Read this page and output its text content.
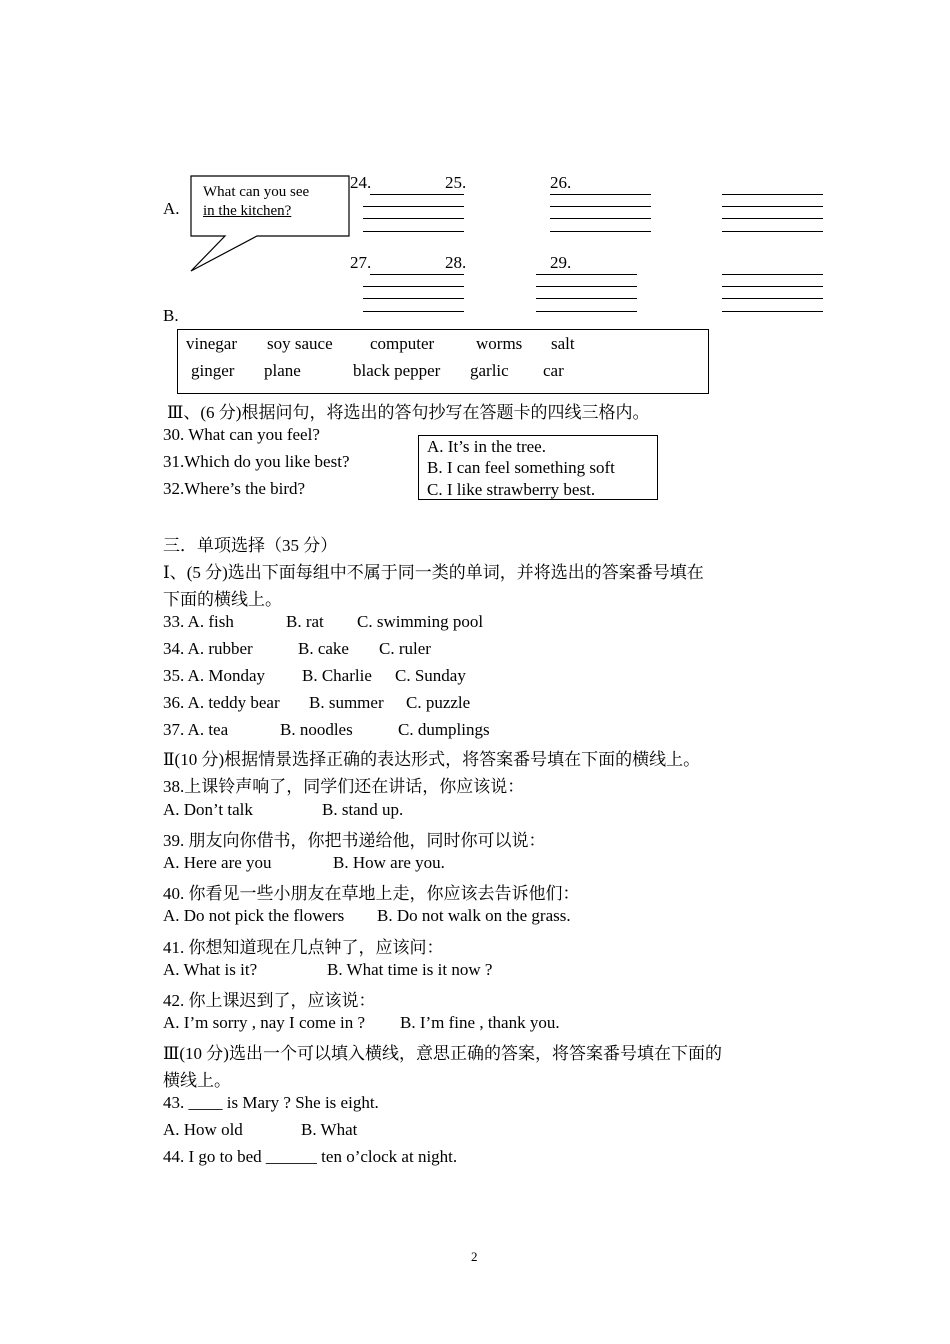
A.
What can you see
in the kitchen?
24.	25.	26.
27.	28.	29.
B.
vinegar soy sauce computer worms salt
ginger plane	black pepper garlic car
Ⅲ、(6 分)根据问句，将选出的答句抄写在答题卡的四线三格内。
30. What can you feel?
31.Which do you like best?
32.Where’s the bird?
A. It’s in the tree.
B. I can feel something soft
C. I like strawberry best.
三．单项选择（35 分）
Ⅰ、(5 分)选出下面每组中不属于同一类的单词，并将选出的答案番号填在
下面的横线上。
33. A. fish	B. rat C. swimming pool
34. A. rubber	B. cake C. ruler
35. A. Monday B. Charlie C. Sunday
36. A. teddy bear B. summer C. puzzle
37. A. tea	B. noodles	C. dumplings
Ⅱ(10 分)根据情景选择正确的表达形式，将答案番号填在下面的横线上。
38.上课铃声响了，同学们还在讲话，你应该说：
A. Don’t talk	B. stand up.
39. 朋友向你借书，你把书递给他，同时你可以说：
A. Here are you	B. How are you.
40. 你看见一些小朋友在草地上走，你应该去告诉他们：
A. Do not pick the flowers B. Do not walk on the grass.
41. 你想知道现在几点钟了，应该问：
A. What is it?	B. What time is it now ?
42. 你上课迟到了，应该说：
A. I’m sorry , nay I come in ? B. I’m fine , thank you.
Ⅲ(10 分)选出一个可以填入横线，意思正确的答案，将答案番号填在下面的
横线上。
43. ____ is Mary ? She is eight.
A. How old	B. What
44. I go to bed ______ ten o’clock at night.
2
